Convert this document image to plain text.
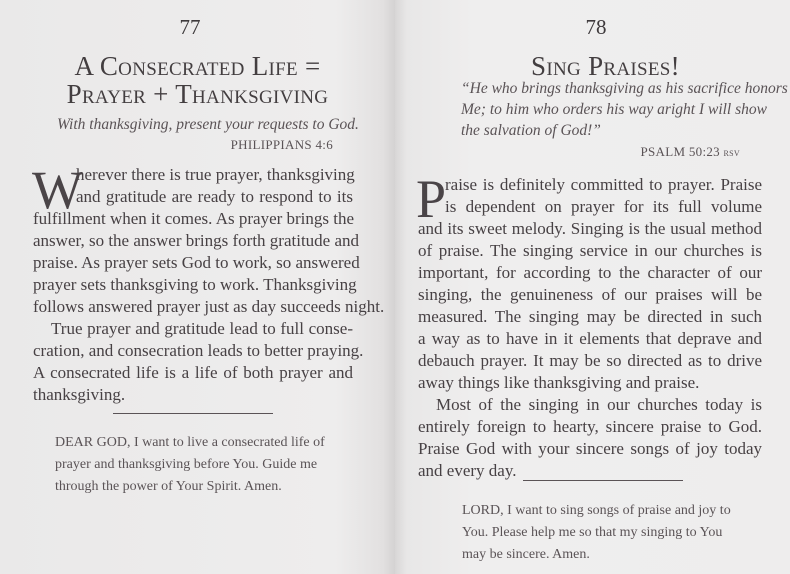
77
A Consecrated Life =
Prayer + Thanksgiving
With thanksgiving, present your requests to God.
PHILIPPIANS 4:6
W
herever there is true prayer, thanksgiving
and gratitude are ready to respond to its
fulfillment when it comes. As prayer brings the
answer, so the answer brings forth gratitude and
praise. As prayer sets God to work, so answered
prayer sets thanksgiving to work. Thanksgiving
follows answered prayer just as day succeeds night.
True prayer and gratitude lead to full conse-
cration, and consecration leads to better praying.
A consecrated life is a life of both prayer and
thanksgiving.
DEAR GOD, I want to live a consecrated life of
prayer and thanksgiving before You. Guide me
through the power of Your Spirit. Amen.
78
Sing Praises!
“He who brings thanksgiving as his sacrifice honors
Me; to him who orders his way aright I will show
the salvation of God!”
PSALM 50:23 rsv
P
raise is definitely committed to prayer. Praise
is dependent on prayer for its full volume
and its sweet melody. Singing is the usual method
of praise. The singing service in our churches is
important, for according to the character of our
singing, the genuineness of our praises will be
measured. The singing may be directed in such
a way as to have in it elements that deprave and
debauch prayer. It may be so directed as to drive
away things like thanksgiving and praise.
Most of the singing in our churches today is
entirely foreign to hearty, sincere praise to God.
Praise God with your sincere songs of joy today
and every day.
LORD, I want to sing songs of praise and joy to
You. Please help me so that my singing to You
may be sincere. Amen.
